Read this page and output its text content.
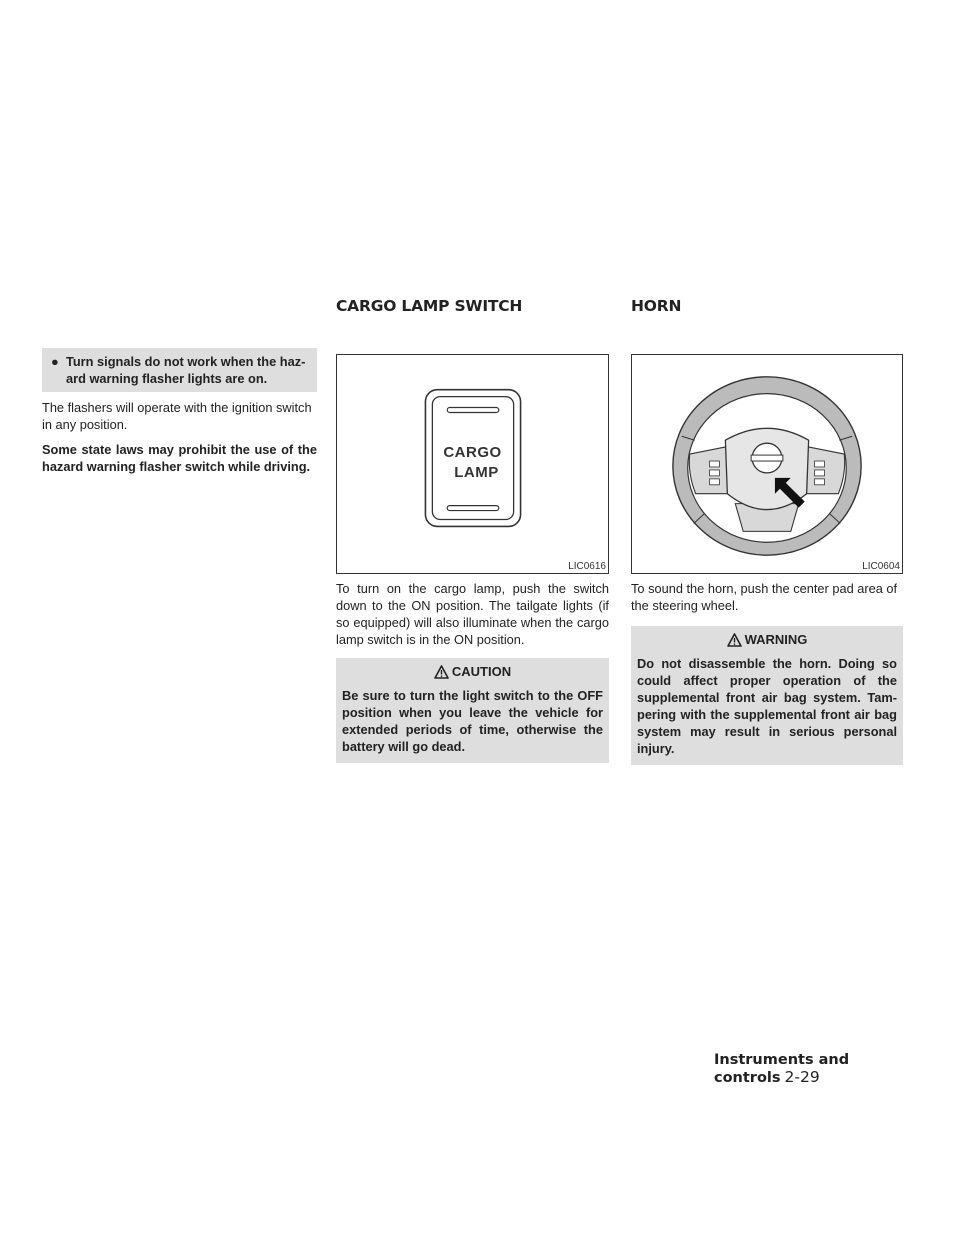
CARGO LAMP SWITCH	HORN
● Turn signals do not work when the haz-ard warning flasher lights are on.

The flashers will operate with the ignition switch in any position.

Some state laws may prohibit the use of the hazard warning flasher switch while driving.

CARGO
LAMP
LIC0616

To turn on the cargo lamp, push the switch down to the ON position. The tailgate lights (if so equipped) will also illuminate when the cargo lamp switch is in the ON position.

CAUTION
Be sure to turn the light switch to the OFF position when you leave the vehicle for extended periods of time, otherwise the battery will go dead.
LIC0604

To sound the horn, push the center pad area of the steering wheel.

WARNING
Do not disassemble the horn. Doing so could affect proper operation of the supplemental front air bag system. Tam-pering with the supplemental front air bag system may result in serious personal injury.
Instruments and controls 2-29
